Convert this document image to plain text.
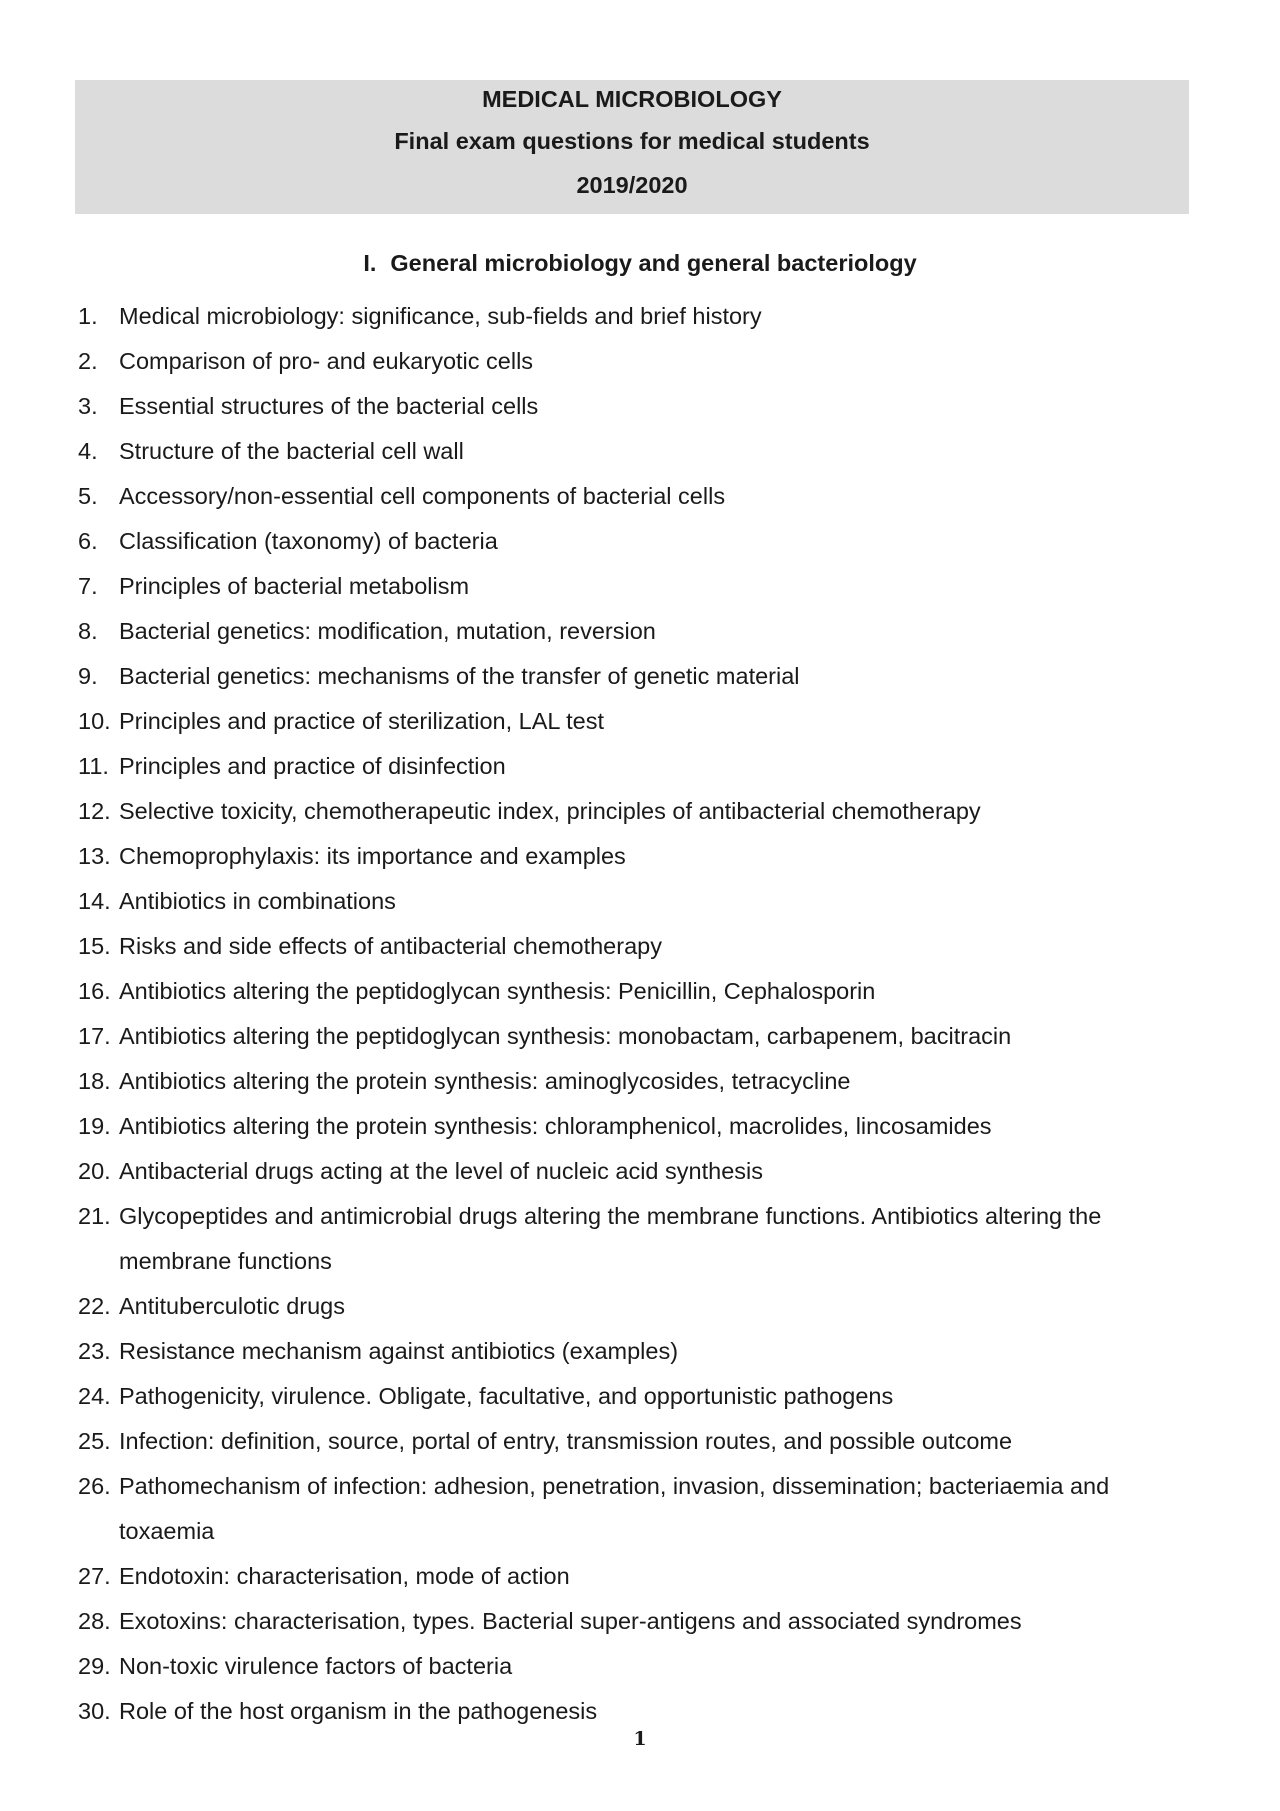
MEDICAL MICROBIOLOGY
Final exam questions for medical students
2019/2020
I. General microbiology and general bacteriology
1. Medical microbiology: significance, sub-fields and brief history
2. Comparison of pro- and eukaryotic cells
3. Essential structures of the bacterial cells
4. Structure of the bacterial cell wall
5. Accessory/non-essential cell components of bacterial cells
6. Classification (taxonomy) of bacteria
7. Principles of bacterial metabolism
8. Bacterial genetics: modification, mutation, reversion
9. Bacterial genetics: mechanisms of the transfer of genetic material
10. Principles and practice of sterilization, LAL test
11. Principles and practice of disinfection
12. Selective toxicity, chemotherapeutic index, principles of antibacterial chemotherapy
13. Chemoprophylaxis: its importance and examples
14. Antibiotics in combinations
15. Risks and side effects of antibacterial chemotherapy
16. Antibiotics altering the peptidoglycan synthesis: Penicillin, Cephalosporin
17. Antibiotics altering the peptidoglycan synthesis: monobactam, carbapenem, bacitracin
18. Antibiotics altering the protein synthesis: aminoglycosides, tetracycline
19. Antibiotics altering the protein synthesis: chloramphenicol, macrolides, lincosamides
20. Antibacterial drugs acting at the level of nucleic acid synthesis
21. Glycopeptides and antimicrobial drugs altering the membrane functions. Antibiotics altering the membrane functions
22. Antituberculotic drugs
23. Resistance mechanism against antibiotics (examples)
24. Pathogenicity, virulence. Obligate, facultative, and opportunistic pathogens
25. Infection: definition, source, portal of entry, transmission routes, and possible outcome
26. Pathomechanism of infection: adhesion, penetration, invasion, dissemination; bacteriaemia and toxaemia
27. Endotoxin: characterisation, mode of action
28. Exotoxins: characterisation, types. Bacterial super-antigens and associated syndromes
29. Non-toxic virulence factors of bacteria
30. Role of the host organism in the pathogenesis
1
